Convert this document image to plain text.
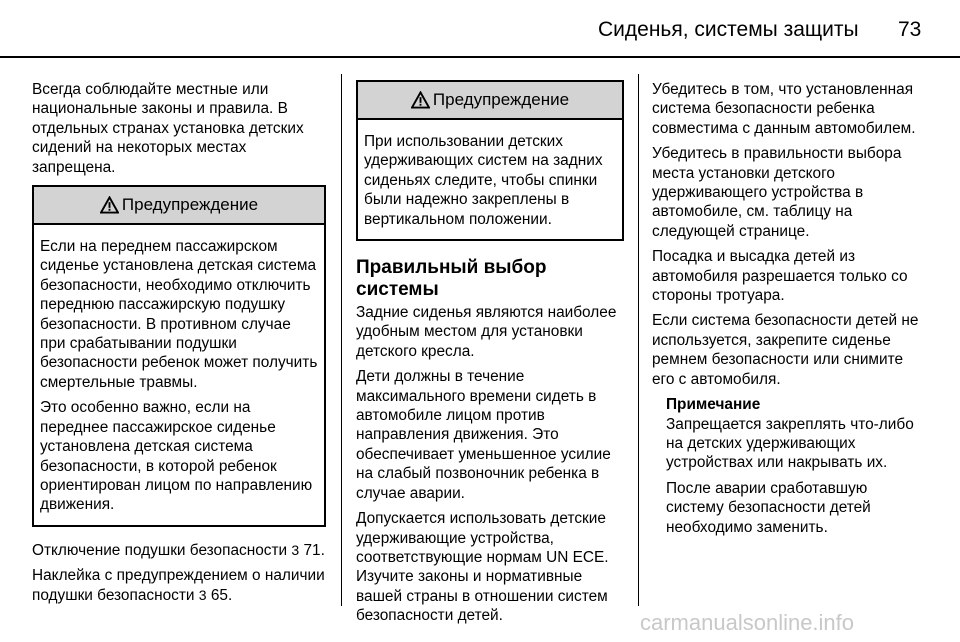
Сиденья, системы защиты 73

Всегда соблюдайте местные или национальные законы и правила. В отдельных странах установка детских сидений на некоторых местах запрещена.

Предупреждение

Если на переднем пассажирском сиденье установлена детская система безопасности, необходимо отключить переднюю пассажирскую подушку безопасности. В противном случае при срабатывании подушки безопасности ребенок может получить смертельные травмы.

Это особенно важно, если на переднее пассажирское сиденье установлена детская система безопасности, в которой ребенок ориентирован лицом по направлению движения.

Отключение подушки безопасности 3 71.

Наклейка с предупреждением о наличии подушки безопасности 3 65.

Предупреждение

При использовании детских удерживающих систем на задних сиденьях следите, чтобы спинки были надежно закреплены в вертикальном положении.

Правильный выбор системы

Задние сиденья являются наиболее удобным местом для установки детского кресла.

Дети должны в течение максимального времени сидеть в автомобиле лицом против направления движения. Это обеспечивает уменьшенное усилие на слабый позвоночник ребенка в случае аварии.

Допускается использовать детские удерживающие устройства, соответствующие нормам UN ECE. Изучите законы и нормативные вашей страны в отношении систем безопасности детей.

Убедитесь в том, что установленная система безопасности ребенка совместима с данным автомобилем.

Убедитесь в правильности выбора места установки детского удерживающего устройства в автомобиле, см. таблицу на следующей странице.

Посадка и высадка детей из автомобиля разрешается только со стороны тротуара.

Если система безопасности детей не используется, закрепите сиденье ремнем безопасности или снимите его с автомобиля.

Примечание

Запрещается закреплять что-либо на детских удерживающих устройствах или накрывать их.

После аварии сработавшую систему безопасности детей необходимо заменить.

carmanualsonline.info
